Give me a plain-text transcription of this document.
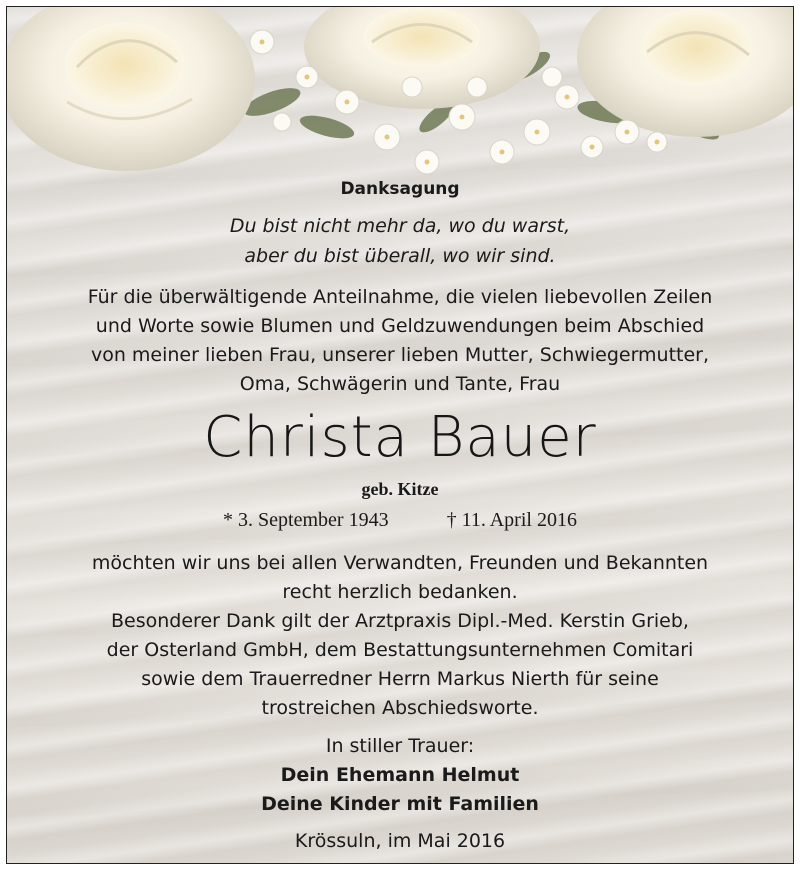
Danksagung
Du bist nicht mehr da, wo du warst,
aber du bist überall, wo wir sind.
Für die überwältigende Anteilnahme, die vielen liebevollen Zeilen
und Worte sowie Blumen und Geldzuwendungen beim Abschied
von meiner lieben Frau, unserer lieben Mutter, Schwiegermutter,
Oma, Schwägerin und Tante, Frau
Christa Bauer
geb. Kitze
* 3. September 1943	† 11. April 2016
möchten wir uns bei allen Verwandten, Freunden und Bekannten
recht herzlich bedanken.
Besonderer Dank gilt der Arztpraxis Dipl.-Med. Kerstin Grieb,
der Osterland GmbH, dem Bestattungsunternehmen Comitari
sowie dem Trauerredner Herrn Markus Nierth für seine
trostreichen Abschiedsworte.
In stiller Trauer:
Dein Ehemann Helmut
Deine Kinder mit Familien
Krössuln, im Mai 2016
